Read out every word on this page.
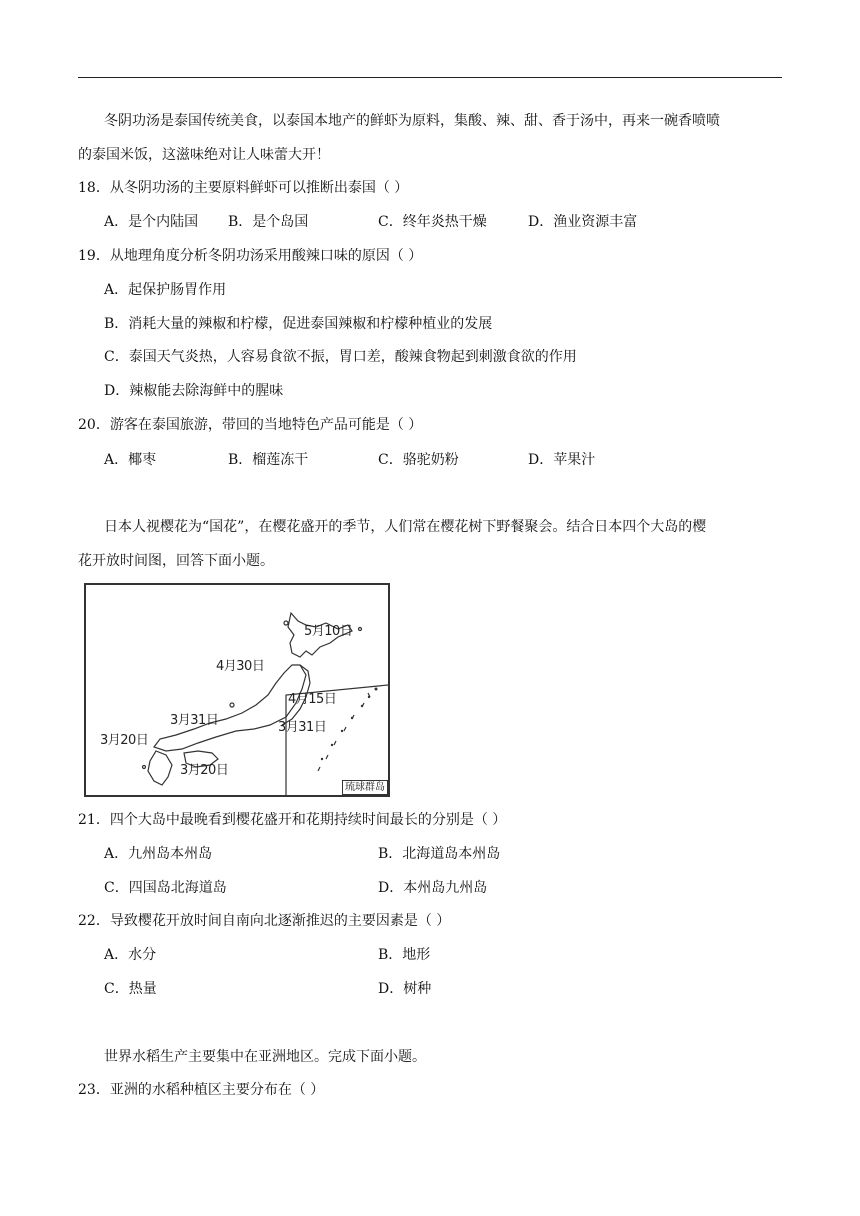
冬阴功汤是泰国传统美食，以泰国本地产的鲜虾为原料，集酸、辣、甜、香于汤中，再来一碗香喷喷
的泰国米饭，这滋味绝对让人味蕾大开！
18．从冬阴功汤的主要原料鲜虾可以推断出泰国（ ）
A．是个内陆国 B．是个岛国	C．终年炎热干燥	D．渔业资源丰富
19．从地理角度分析冬阴功汤采用酸辣口味的原因（ ）
A．起保护肠胃作用
B．消耗大量的辣椒和柠檬，促进泰国辣椒和柠檬种植业的发展
C．泰国天气炎热，人容易食欲不振，胃口差，酸辣食物起到刺激食欲的作用
D．辣椒能去除海鲜中的腥味
20．游客在泰国旅游，带回的当地特色产品可能是（ ）
A．椰枣	B．榴莲冻干	C．骆驼奶粉	D．苹果汁
日本人视樱花为“国花”，在樱花盛开的季节，人们常在樱花树下野餐聚会。结合日本四个大岛的樱
花开放时间图，回答下面小题。
5月10日
4月30日
4月15日
3月31日	3月31日
3月20日
3月20日
琉球群岛
21．四个大岛中最晚看到樱花盛开和花期持续时间最长的分别是（ ）
A．九州岛本州岛	B．北海道岛本州岛
C．四国岛北海道岛	D．本州岛九州岛
22．导致樱花开放时间自南向北逐渐推迟的主要因素是（ ）
A．水分	B．地形
C．热量	D．树种
世界水稻生产主要集中在亚洲地区。完成下面小题。
23．亚洲的水稻种植区主要分布在（ ）
